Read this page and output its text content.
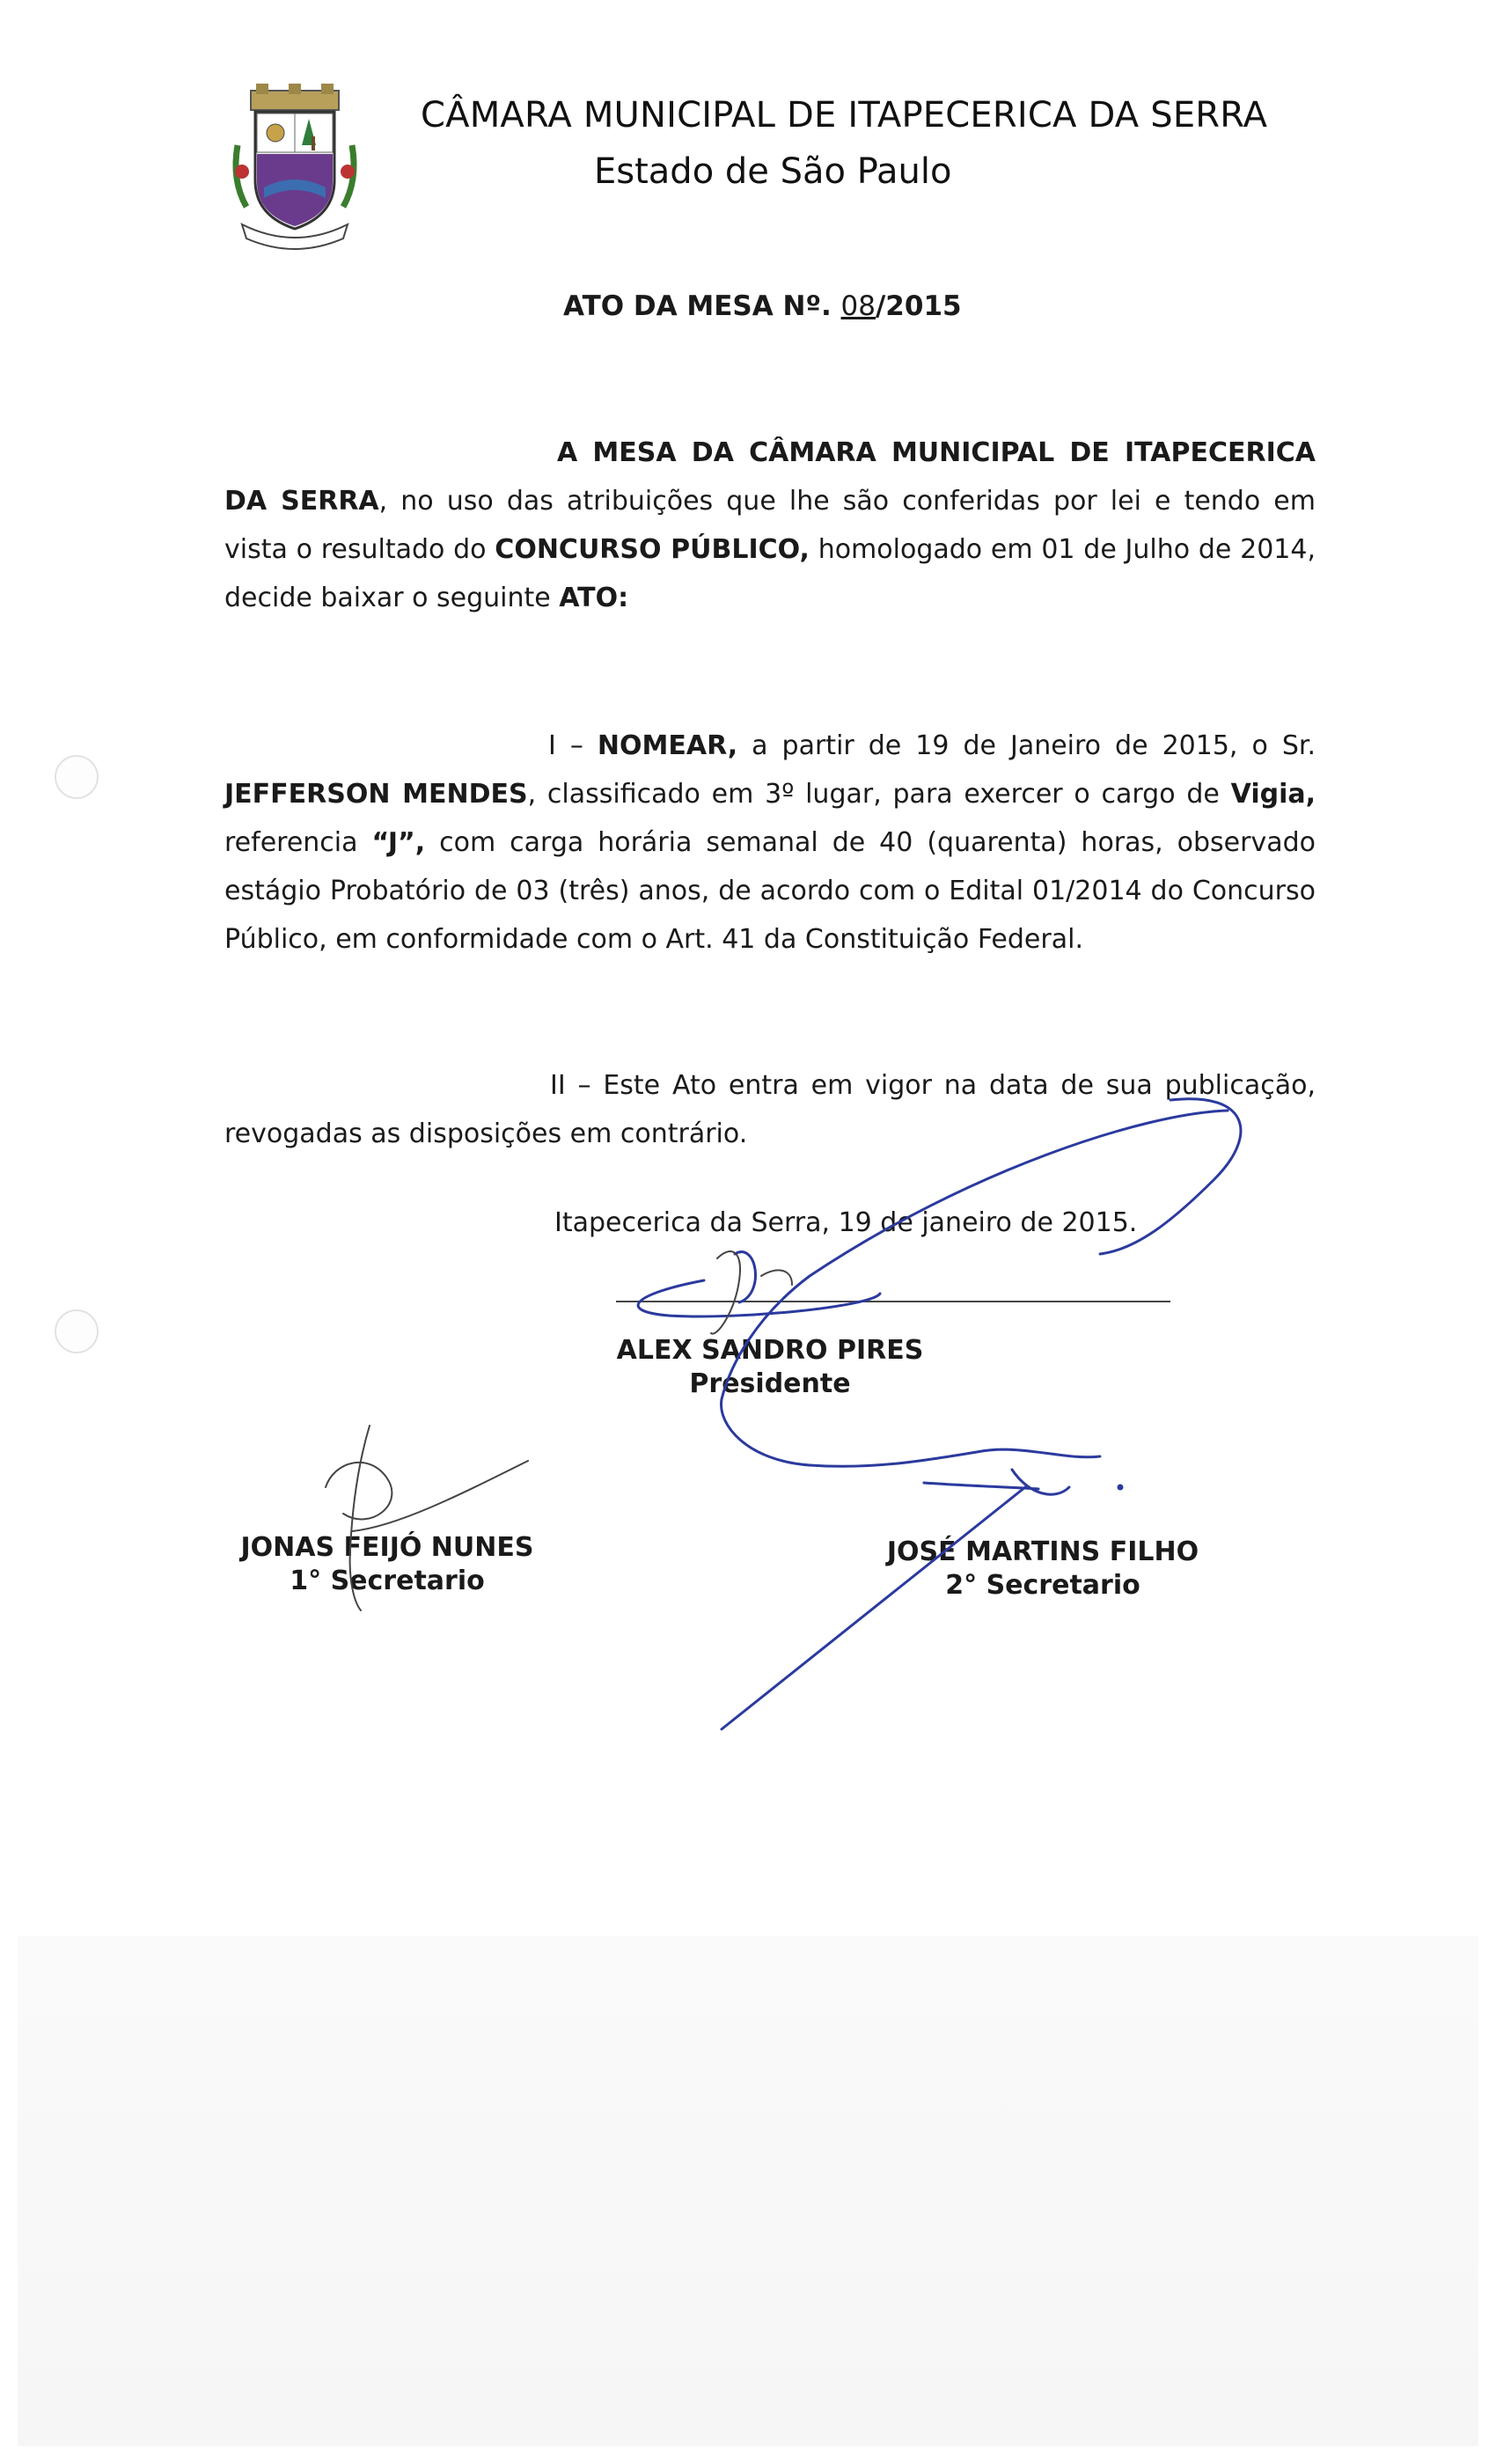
CÂMARA MUNICIPAL DE ITAPECERICA DA SERRA
Estado de São Paulo
ATO DA MESA Nº. 08/2015
A MESA DA CÂMARA MUNICIPAL DE ITAPECERICA DA SERRA, no uso das atribuições que lhe são conferidas por lei e tendo em vista o resultado do CONCURSO PÚBLICO, homologado em 01 de Julho de 2014, decide baixar o seguinte ATO:
I – NOMEAR, a partir de 19 de Janeiro de 2015, o Sr. JEFFERSON MENDES, classificado em 3º lugar, para exercer o cargo de Vigia, referencia “J”, com carga horária semanal de 40 (quarenta) horas, observado estágio Probatório de 03 (três) anos, de acordo com o Edital 01/2014 do Concurso Público, em conformidade com o Art. 41 da Constituição Federal.
II – Este Ato entra em vigor na data de sua publicação, revogadas as disposições em contrário.
Itapecerica da Serra, 19 de janeiro de 2015.
ALEX SANDRO PIRES
Presidente
JONAS FEIJÓ NUNES
1° Secretario
JOSÉ MARTINS FILHO
2° Secretario
